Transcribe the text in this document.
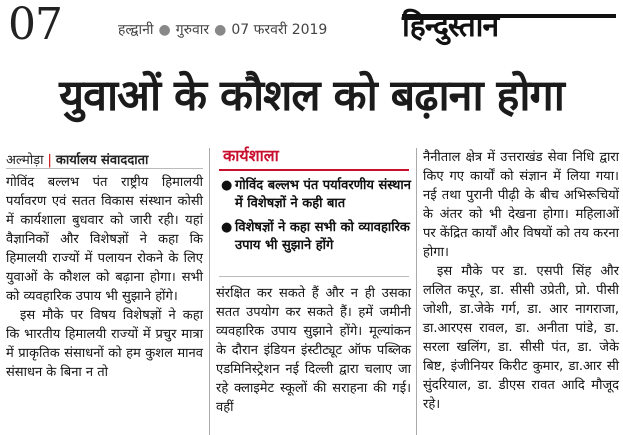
07	हल्द्वानी ● गुरुवार ● 07 फरवरी 2019 हिन्दुस्तान
युवाओं के कौशल को बढ़ाना होगा
अल्मोड़ा | कार्यालय संवाददाता

गोविंद बल्लभ पंत राष्ट्रीय हिमालयी पर्यावरण एवं सतत विकास संस्थान कोसी में कार्यशाला बुधवार को जारी रही। यहां वैज्ञानिकों और विशेषज्ञों ने कहा कि हिमालयी राज्यों में पलायन रोकने के लिए युवाओं के कौशल को बढ़ाना होगा। सभी को व्यवहारिक उपाय भी सुझाने होंगे।

इस मौके पर विषय विशेषज्ञों ने कहा कि भारतीय हिमालयी राज्यों में प्रचुर मात्रा में प्राकृतिक संसाधनों को हम कुशल मानव संसाधन के बिना न तो

कार्यशाला
● गोविंद बल्लभ पंत पर्यावरणीय संस्थान में विशेषज्ञों ने कही बात
● विशेषज्ञों ने कहा सभी को व्यावहारिक उपाय भी सुझाने होंगे

संरक्षित कर सकते हैं और न ही उसका सतत उपयोग कर सकते हैं। हमें जमीनी व्यवहारिक उपाय सुझाने होंगे। मूल्यांकन के दौरान इंडियन इंस्टीट्यूट ऑफ पब्लिक एडमिनिस्ट्रेशन नई दिल्ली द्वारा चलाए जा रहे क्लाइमेट स्कूलों की सराहना की गई। वहीं

नैनीताल क्षेत्र में उत्तराखंड सेवा निधि द्वारा किए गए कार्यों को संज्ञान में लिया गया। नई तथा पुरानी पीढ़ी के बीच अभिरूचियों के अंतर को भी देखना होगा। महिलाओं पर केंद्रित कार्यों और विषयों को तय करना होगा।

इस मौके पर डा. एसपी सिंह और ललित कपूर, डा. सीसी उप्रेती, प्रो. पीसी जोशी, डा.जेके गर्ग, डा. आर नागराजा, डा.आरएस रावल, डा. अनीता पांडे, डा. सरला खलिंग, डा. सीसी पंत, डा. जेके बिष्ट, इंजीनियर किरीट कुमार, डा.आर सी सुंदरियाल, डा. डीएस रावत आदि मौजूद रहे।
